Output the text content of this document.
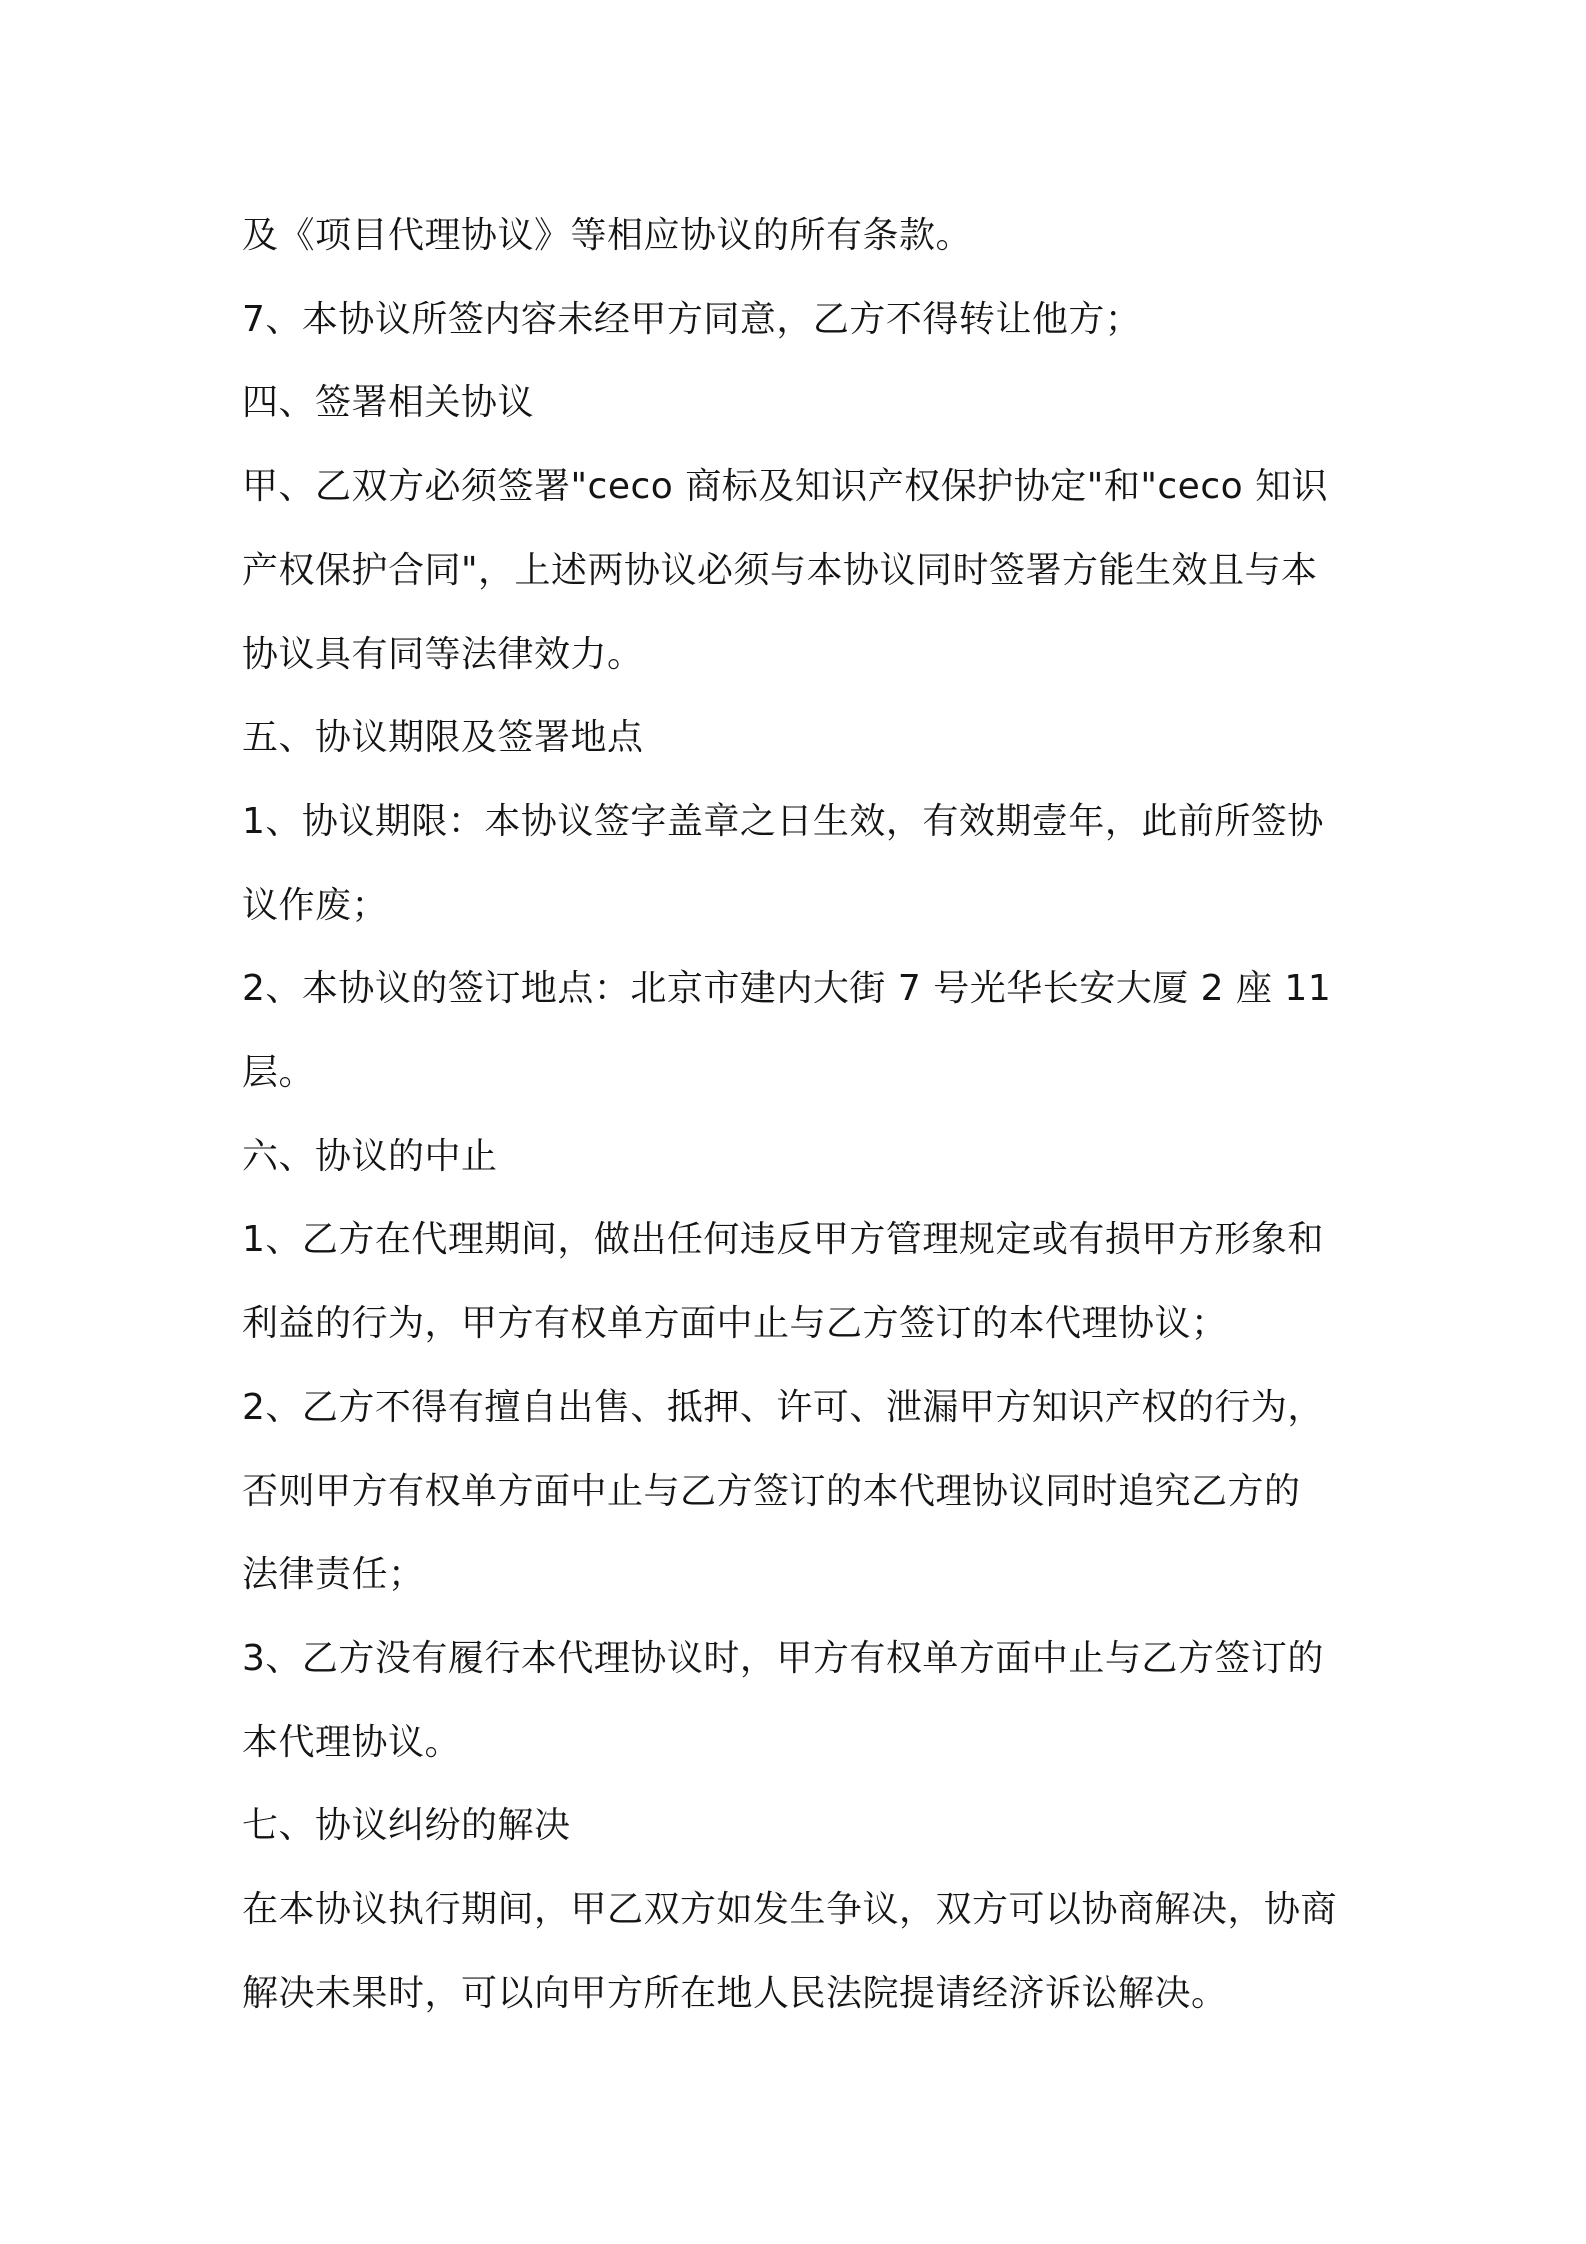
及《项目代理协议》等相应协议的所有条款。

7、本协议所签内容未经甲方同意，乙方不得转让他方；

四、签署相关协议

甲、乙双方必须签署"ceco 商标及知识产权保护协定"和"ceco 知识

产权保护合同"，上述两协议必须与本协议同时签署方能生效且与本

协议具有同等法律效力。

五、协议期限及签署地点

1、协议期限：本协议签字盖章之日生效，有效期壹年，此前所签协

议作废；

2、本协议的签订地点：北京市建内大街 7 号光华长安大厦 2 座 11

层。

六、协议的中止

1、乙方在代理期间，做出任何违反甲方管理规定或有损甲方形象和

利益的行为，甲方有权单方面中止与乙方签订的本代理协议；

2、乙方不得有擅自出售、抵押、许可、泄漏甲方知识产权的行为，

否则甲方有权单方面中止与乙方签订的本代理协议同时追究乙方的

法律责任；

3、乙方没有履行本代理协议时，甲方有权单方面中止与乙方签订的

本代理协议。

七、协议纠纷的解决

在本协议执行期间，甲乙双方如发生争议，双方可以协商解决，协商

解决未果时，可以向甲方所在地人民法院提请经济诉讼解决。
